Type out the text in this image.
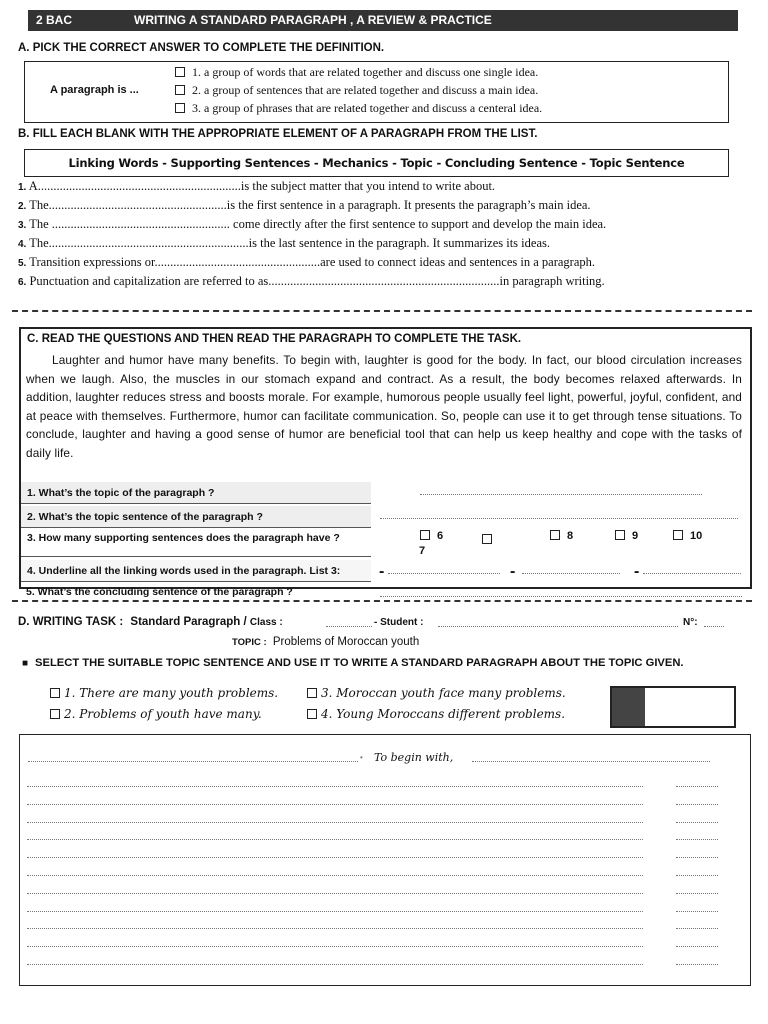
2 BAC	WRITING A STANDARD PARAGRAPH , A REVIEW & PRACTICE
A. PICK THE CORRECT ANSWER TO COMPLETE THE DEFINITION.
A paragraph is ...
1. a group of words that are related together and discuss one single idea.
2. a group of sentences that are related together and discuss a main idea.
3. a group of phrases that are related together and discuss a centeral idea.
B. FILL EACH BLANK WITH THE APPROPRIATE ELEMENT OF A PARAGRAPH FROM THE LIST.
Linking Words - Supporting Sentences - Mechanics - Topic - Concluding Sentence - Topic Sentence
1. A.................................................................is the subject matter that you intend to write about.
2. The.........................................................is the first sentence in a paragraph. It presents the paragraph’s main idea.
3. The ......................................................... come directly after the first sentence to support and develop the main idea.
4. The................................................................is the last sentence in the paragraph. It summarizes its ideas.
5. Transition expressions or.....................................................are used to connect ideas and sentences in a paragraph.
6. Punctuation and capitalization are referred to as..........................................................................in paragraph writing.
C. READ THE QUESTIONS AND THEN READ THE PARAGRAPH TO COMPLETE THE TASK.
Laughter and humor have many benefits. To begin with, laughter is good for the body. In fact, our blood circulation increases when we laugh. Also, the muscles in our stomach expand and contract. As a result, the body becomes relaxed afterwards. In addition, laughter reduces stress and boosts morale. For example, humorous people usually feel light, powerful, joyful, confident, and at peace with themselves. Furthermore, humor can facilitate communication. So, people can use it to get through tense situations. To conclude, laughter and having a good sense of humor are beneficial tool that can help us keep healthy and cope with the tasks of daily life.
1. What’s the topic of the paragraph ?
2. What’s the topic sentence of the paragraph ?
3. How many supporting sentences does the paragraph have ?	6
7
8	9	10
4. Underline all the linking words used in the paragraph. List 3:	-	-	-
5. What’s the concluding sentence of the paragraph ?
D. WRITING TASK : Standard Paragraph / Class :	- Student :	N°:
TOPIC : Problems of Moroccan youth
■ SELECT THE SUITABLE TOPIC SENTENCE AND USE IT TO WRITE A STANDARD PARAGRAPH ABOUT THE TOPIC GIVEN.
1. There are many youth problems.	3. Moroccan youth face many problems.
2. Problems of youth have many.	4. Young Moroccans different problems.
• To begin with,
